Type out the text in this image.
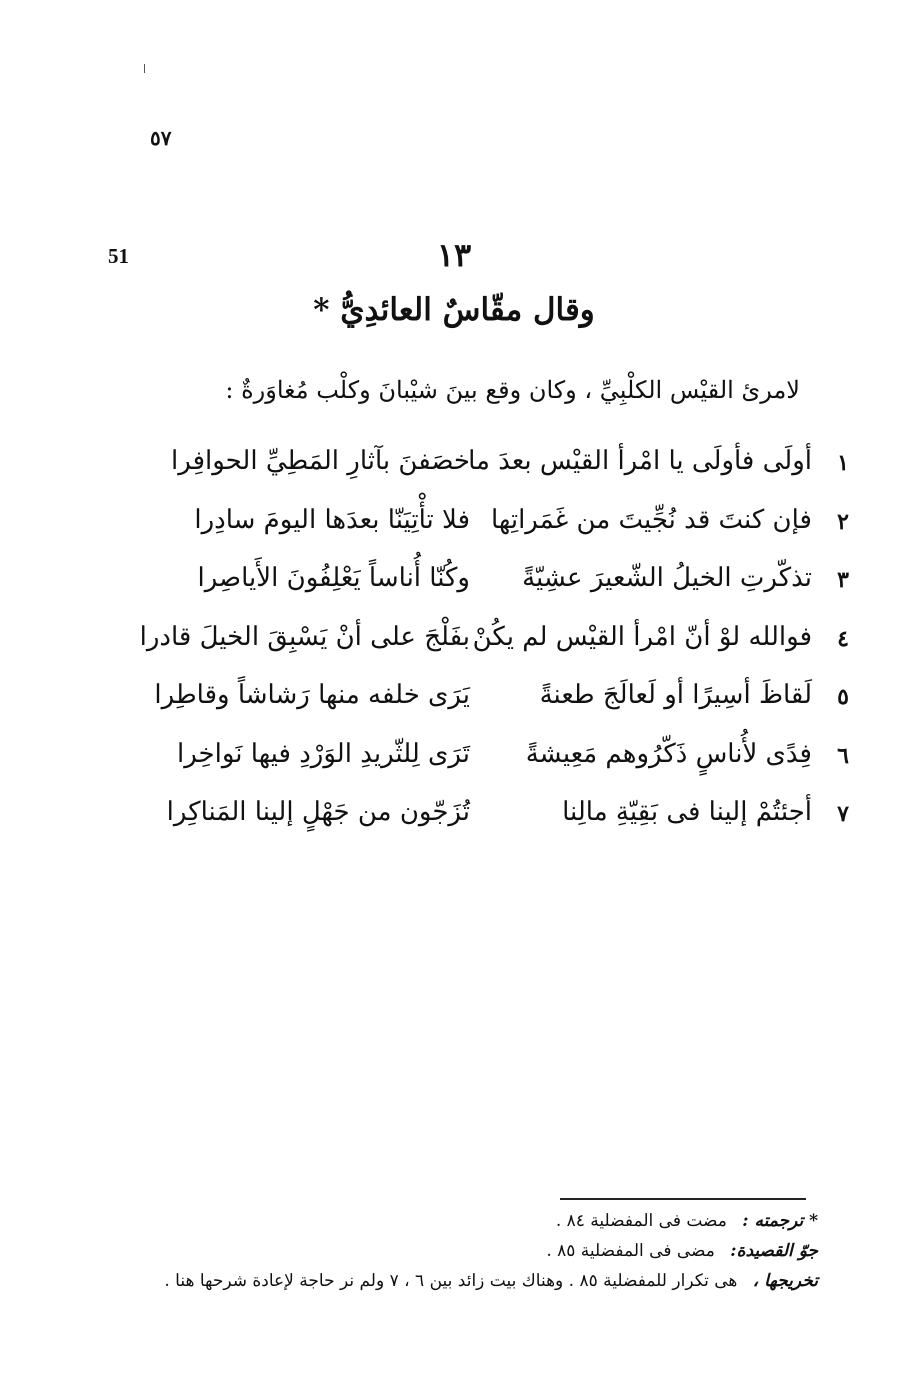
٥٧
51	١٣
وقال مقّاسٌ العائدِيُّ *
لامرئ القيْس الكلْبِيِّ ، وكان وقع بينَ شيْبانَ وكلْب مُغاوَرةٌ :
١
أولَى فأولَى يا امْرأ القيْس بعدَ ما
خصَفنَ بآثارِ المَطِيِّ الحوافِرا
٢
فإن كنتَ قد نُجِّيتَ من غَمَراتِها
فلا تأْتِيَنّا بعدَها اليومَ سادِرا
٣
تذكّرتِ الخيلُ الشّعيرَ عشِيّةً
وكُنّا أُناساً يَعْلِفُونَ الأَياصِرا
٤
فوالله لوْ أنّ امْرأ القيْس لم يكُنْ
بفَلْجَ على أنْ يَسْبِقَ الخيلَ قادرا
٥
لَقاظَ أسِيرًا أو لَعالَجَ طعنةً
يَرَى خلفه منها رَشاشاً وقاطِرا
٦
فِدًى لأُناسٍ ذَكّرُوهم مَعِيشةً
تَرَى لِلثّريدِ الوَرْدِ فيها نَواخِرا
٧
أجئتُمْ إلينا فى بَقِيّةِ مالِنا
تُزَجّون من جَهْلٍ إلينا المَناكِرا
* ترجمته : مضت فى المفضلية ٨٤ .
جوّ القصيدة: مضى فى المفضلية ٨٥ .
تخريجها ، هى تكرار للمفضلية ٨٥ . وهناك بيت زائد بين ٦ ، ٧ ولم نر حاجة لإعادة شرحها هنا .
